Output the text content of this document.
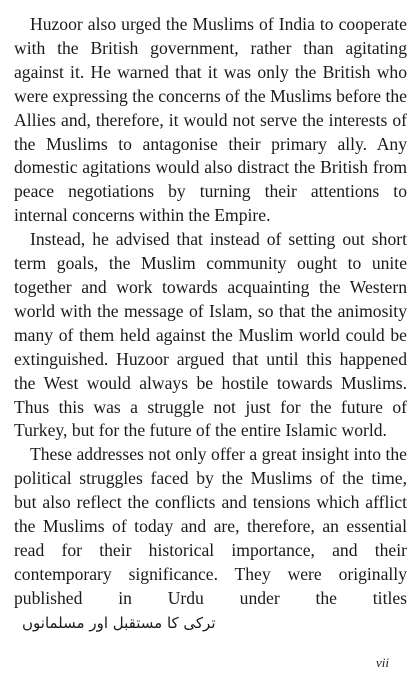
Huzoor also urged the Muslims of India to cooperate with the British government, rather than agitating against it. He warned that it was only the British who were expressing the concerns of the Muslims before the Allies and, therefore, it would not serve the interests of the Muslims to antagonise their primary ally. Any domestic agitations would also distract the British from peace negotiations by turning their attentions to internal concerns within the Empire.

Instead, he advised that instead of setting out short term goals, the Muslim community ought to unite together and work towards acquainting the Western world with the message of Islam, so that the animosity many of them held against the Muslim world could be extinguished. Huzoor argued that until this happened the West would always be hostile towards Muslims. Thus this was a struggle not just for the future of Turkey, but for the future of the entire Islamic world.

These addresses not only offer a great insight into the political struggles faced by the Muslims of the time, but also reflect the conflicts and tensions which afflict the Muslims of today and are, therefore, an essential read for their historical importance, and their contemporary significance. They were originally published in Urdu under the titlesترکی کا مستقبل اور مسلمانوں

vii
